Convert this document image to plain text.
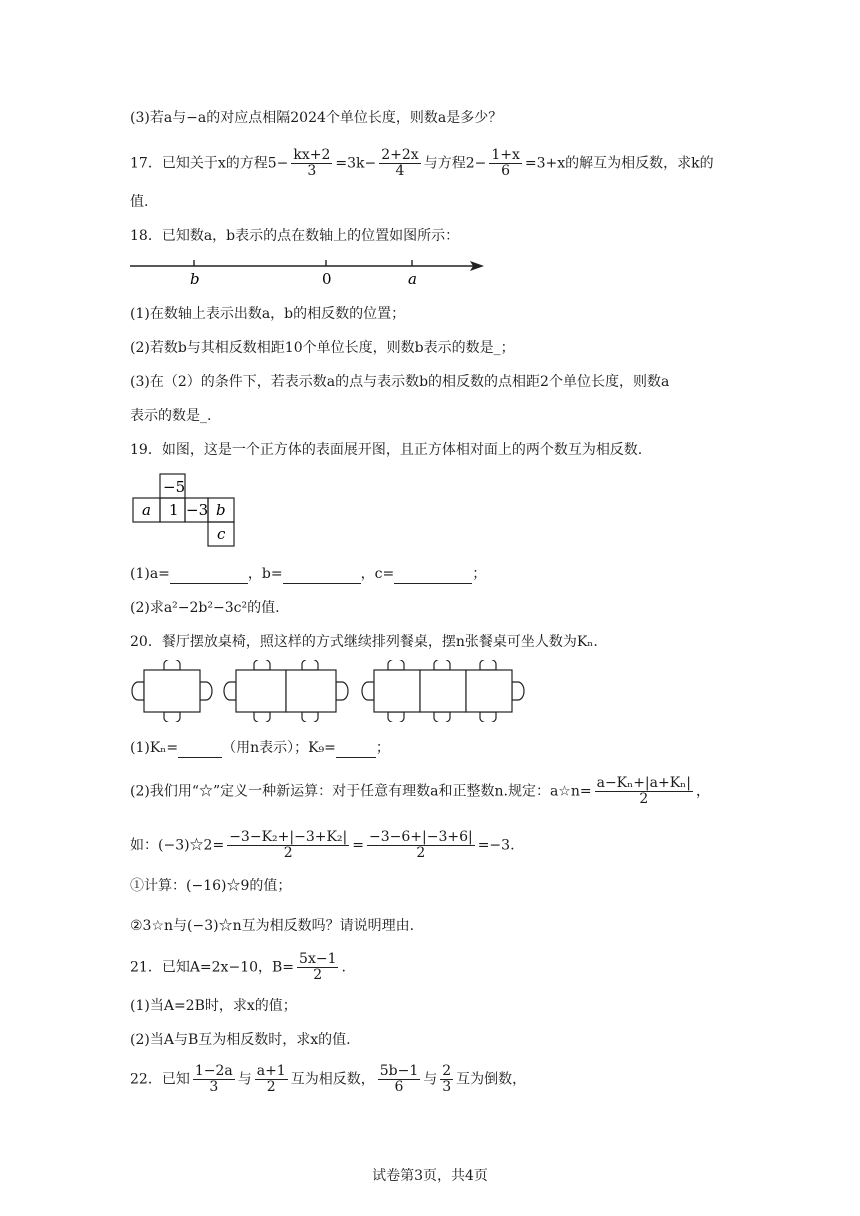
(3)若a与−a的对应点相隔2024个单位长度，则数a是多少？
17．已知关于x的方程$5- \frac{kx+2}{3} =3k- \frac{2+2x}{4}$ 与方程$2- \frac{1+x}{6} =3+x$的解互为相反数，求k的
值.
18．已知数a，b表示的点在数轴上的位置如图所示：
b	0	a
(1)在数轴上表示出数a，b的相反数的位置；
(2)若数b与其相反数相距10个单位长度，则数b表示的数是_；
(3)在（2）的条件下，若表示数a的点与表示数b的相反数的点相距2个单位长度，则数a
表示的数是_.
19．如图，这是一个正方体的表面展开图，且正方体相对面上的两个数互为相反数.
−5
a 1 −3 b
c
(1)a=	，b=	，c=	；
(2)求a²−2b²−3c²的值.
20．餐厅摆放桌椅，照这样的方式继续排列餐桌，摆n张餐桌可坐人数为Kₙ.
(1)Kₙ=	（用n表示）；K₉=	；
(2)我们用“☆”定义一种新运算：对于任意有理数a和正整数n.规定：a☆n= $\frac{\text{a−Kₙ+|a+Kₙ|}}{2}$ ，
如：(−3)☆2= $\frac{\text{−3−K₂+|−3+K₂|}}{2} = \frac{-3-6+|-3+6|}{2} =-3$.
①计算：(−16)☆9的值；
②3☆n与(−3)☆n互为相反数吗？请说明理由.
21．已知A=2x−10，$B= \frac{5x-1}{2}$ .
(1)当A=2B时，求x的值；
(2)当A与B互为相反数时，求x的值.
22．已知 $\frac{1-2a}{3}$ 与 $\frac{a+1}{2}$ 互为相反数， $\frac{5b-1}{6}$ 与 $\frac{2}{3}$ 互为倒数，
试卷第3页，共4页
